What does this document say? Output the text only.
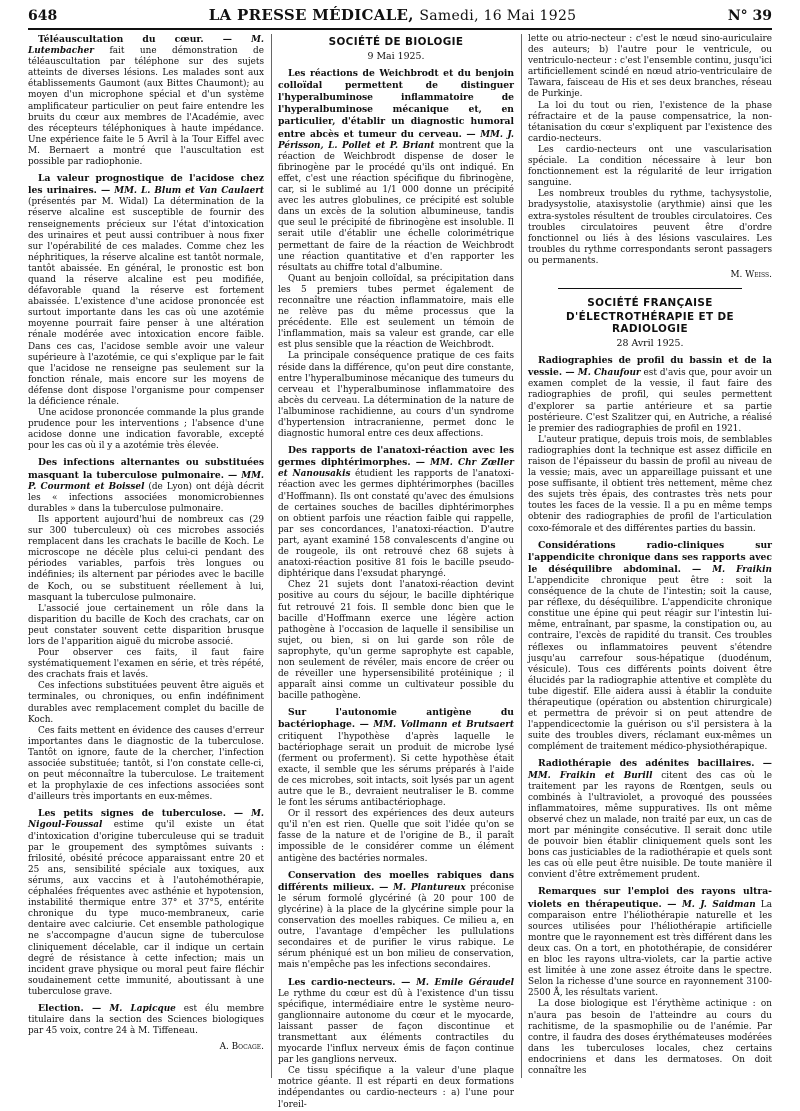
648	LA PRESSE MÉDICALE, Samedi, 16 Mai 1925	N° 39

Téléauscultation du cœur. — M. Lutembacher fait une démonstration de téléauscultation par téléphone sur des sujets atteints de diverses lésions. Les malades sont aux établissements Gaumont (aux Bittes Chaumont); au moyen d'un microphone spécial et d'un système amplificateur particulier on peut faire entendre les bruits du cœur aux membres de l'Académie, avec des récepteurs téléphoniques à haute impédance. Une expérience faite le 5 Avril à la Tour Eiffel avec M. Bernaert a montré que l'auscultation est possible par radiophonie.

La valeur prognostique de l'acidose chez les urinaires. — MM. L. Blum et Van Caulaert (présentés par M. Widal) La détermination de la réserve alcaline est susceptible de fournir des renseignements précieux sur l'état d'intoxication des urinaires et peut aussi contribuer à nous fixer sur l'opérabilité de ces malades. Comme chez les néphritiques, la réserve alcaline est tantôt normale, tantôt abaissée. En général, le pronostic est bon quand la réserve alcaline est peu modifiée, défavorable quand la réserve est fortement abaissée. L'existence d'une acidose prononcée est surtout importante dans les cas où une azotémie moyenne pourrait faire penser à une altération rénale modérée avec intoxication encore faible. Dans ces cas, l'acidose semble avoir une valeur supérieure à l'azotémie, ce qui s'explique par le fait que l'acidose ne renseigne pas seulement sur la fonction rénale, mais encore sur les moyens de défense dont dispose l'organisme pour compenser la déficience rénale.

Une acidose prononcée commande la plus grande prudence pour les interventions ; l'absence d'une acidose donne une indication favorable, excepté pour les cas où il y a azotémie très élevée.

Des infections alternantes ou substituées masquant la tuberculose pulmonaire. — MM. P. Courmont et Boissel (de Lyon) ont déjà décrit les « infections associées monomicrobiennes durables » dans la tuberculose pulmonaire.

Ils apportent aujourd'hui de nombreux cas (29 sur 300 tuberculeux) où ces microbes associés remplacent dans les crachats le bacille de Koch. Le microscope ne décèle plus celui-ci pendant des périodes variables, parfois très longues ou indéfinies; ils alternent par périodes avec le bacille de Koch, ou se substituent réellement à lui, masquant la tuberculose pulmonaire.

L'associé joue certainement un rôle dans la disparition du bacille de Koch des crachats, car on peut constater souvent cette disparition brusque lors de l'apparition aiguë du microbe associé.

Pour observer ces faits, il faut faire systématiquement l'examen en série, et très répété, des crachats frais et lavés.

Ces infections substituées peuvent être aiguës et terminales, ou chroniques, ou enfin indéfiniment durables avec remplacement complet du bacille de Koch.

Ces faits mettent en évidence des causes d'erreur importantes dans le diagnostic de la tuberculose. Tantôt on ignore, faute de la chercher, l'infection associée substituée; tantôt, si l'on constate celle-ci, on peut méconnaître la tuberculose. Le traitement et la prophylaxie de ces infections associées sont d'ailleurs très importants en eux-mêmes.

Les petits signes de tuberculose. — M. Nigoul-Foussal estime qu'il existe un état d'intoxication d'origine tuberculeuse qui se traduit par le groupement des symptômes suivants : frilosité, obésité précoce apparaissant entre 20 et 25 ans, sensibilité spéciale aux toxiques, aux sérums, aux vaccins et à l'autohémothérapie, céphalées fréquentes avec asthénie et hypotension, instabilité thermique entre 37° et 37°5, entérite chronique du type muco-membraneux, carie dentaire avec calciurie. Cet ensemble pathologique ne s'accompagne d'aucun signe de tuberculose cliniquement décelable, car il indique un certain degré de résistance à cette infection; mais un incident grave physique ou moral peut faire fléchir soudainement cette immunité, aboutissant à une tuberculose grave.

Election. — M. Lapicque est élu membre titulaire dans la section des Sciences biologiques par 45 voix, contre 24 à M. Tiffeneau.

A. Bocage.
SOCIÉTÉ DE BIOLOGIE
9 Mai 1925.

Les réactions de Weichbrodt et du benjoin colloïdal permettent de distinguer l'hyperalbuminose inflammatoire de l'hyperalbuminose mécanique et, en particulier, d'établir un diagnostic humoral entre abcès et tumeur du cerveau. — MM. J. Périsson, L. Pollet et P. Briant montrent que la réaction de Weichbrodt dispense de doser le fibrinogène par le procédé qu'ils ont indiqué. En effet, c'est une réaction spécifique du fibrinogène, car, si le sublimé au 1/1 000 donne un précipité avec les autres globulines, ce précipité est soluble dans un excès de la solution albumineuse, tandis que seul le précipité de fibrinogène est insoluble. Il serait utile d'établir une échelle colorimétrique permettant de faire de la réaction de Weichbrodt une réaction quantitative et d'en rapporter les résultats au chiffre total d'albumine.

Quant au benjoin colloïdal, sa précipitation dans les 5 premiers tubes permet également de reconnaître une réaction inflammatoire, mais elle ne relève pas du même processus que la précédente. Elle est seulement un témoin de l'inflammation, mais sa valeur est grande, car elle est plus sensible que la réaction de Weichbrodt.

La principale conséquence pratique de ces faits réside dans la différence, qu'on peut dire constante, entre l'hyperalbuminose mécanique des tumeurs du cerveau et l'hyperalbuminose inflammatoire des abcès du cerveau. La détermination de la nature de l'albuminose rachidienne, au cours d'un syndrome d'hypertension intracranienne, permet donc le diagnostic humoral entre ces deux affections.

Des rapports de l'anatoxi-réaction avec les germes diphtérimorphes. — MM. Chr Zœller et Nanousakis étudient les rapports de l'anatoxi-réaction avec les germes diphtérimorphes (bacilles d'Hoffmann). Ils ont constaté qu'avec des émulsions de certaines souches de bacilles diphtérimorphes on obtient parfois une réaction faible qui rappelle, par ses concordances, l'anatoxi-réaction. D'autre part, ayant examiné 158 convalescents d'angine ou de rougeole, ils ont retrouvé chez 68 sujets à anatoxi-réaction positive 81 fois le bacille pseudo-diphtérique dans l'exsudat pharyngé.

Chez 21 sujets dont l'anatoxi-réaction devint positive au cours du séjour, le bacille diphtérique fut retrouvé 21 fois. Il semble donc bien que le bacille d'Hoffmann exerce une légère action pathogène à l'occasion de laquelle il sensibilise un sujet, ou bien, si on lui garde son rôle de saprophyte, qu'un germe saprophyte est capable, non seulement de révéler, mais encore de créer ou de réveiller une hypersensibilité protéinique ; il apparaît ainsi comme un cultivateur possible du bacille pathogène.

Sur l'autonomie antigène du bactériophage. — MM. Vollmann et Brutsaert critiquent l'hypothèse d'après laquelle le bactériophage serait un produit de microbe lysé (ferment ou proferment). Si cette hypothèse était exacte, il semble que les sérums préparés à l'aide de ces microbes, soit intacts, soit lysés par un agent autre que le B., devraient neutraliser le B. comme le font les sérums antibactériophage.

Or il ressort des expériences des deux auteurs qu'il n'en est rien. Quelle que soit l'idée qu'on se fasse de la nature et de l'origine de B., il paraît impossible de le considérer comme un élément antigène des bactéries normales.

Conservation des moelles rabiques dans différents milieux. — M. Plantureux préconise le sérum formolé glycériné (à 20 pour 100 de glycérine) à la place de la glycérine simple pour la conservation des moelles rabiques. Ce milieu a, en outre, l'avantage d'empêcher les pullulations secondaires et de purifier le virus rabique. Le sérum phéniqué est un bon milieu de conservation, mais n'empêche pas les infections secondaires.

Les cardio-necteurs. — M. Emile Géraudel Le rythme du cœur est dû à l'existence d'un tissu spécifique, intermédiaire entre le système neuro-ganglionnaire autonome du cœur et le myocarde, laissant passer de façon discontinue et transmettant aux éléments contractiles du myocarde l'influx nerveux émis de façon continue par les ganglions nerveux.

Ce tissu spécifique a la valeur d'une plaque motrice géante. Il est réparti en deux formations indépendantes ou cardio-necteurs : a) l'une pour l'oreil-

lette ou atrio-necteur : c'est le nœud sino-auriculaire des auteurs; b) l'autre pour le ventricule, ou ventriculo-necteur : c'est l'ensemble continu, jusqu'ici artificiellement scindé en nœud atrio-ventriculaire de Tawara, faisceau de His et ses deux branches, réseau de Purkinje.

La loi du tout ou rien, l'existence de la phase réfractaire et de la pause compensatrice, la non-tétanisation du cœur s'expliquent par l'existence des cardio-necteurs.

Les cardio-necteurs ont une vascularisation spéciale. La condition nécessaire à leur bon fonctionnement est la régularité de leur irrigation sanguine.

Les nombreux troubles du rythme, tachysystolie, bradysystolie, ataxisystolie (arythmie) ainsi que les extra-systoles résultent de troubles circulatoires. Ces troubles circulatoires peuvent être d'ordre fonctionnel ou liés à des lésions vasculaires. Les troubles du rythme correspondants seront passagers ou permanents.

M. Weiss.
SOCIÉTÉ FRANÇAISE
D'ÉLECTROTHÉRAPIE ET DE RADIOLOGIE
28 Avril 1925.

Radiographies de profil du bassin et de la vessie. — M. Chaufour est d'avis que, pour avoir un examen complet de la vessie, il faut faire des radiographies de profil, qui seules permettent d'explorer sa partie antérieure et sa partie postérieure. C'est Szalitzer qui, en Autriche, a réalisé le premier des radiographies de profil en 1921.

L'auteur pratique, depuis trois mois, de semblables radiographies dont la technique est assez difficile en raison de l'épaisseur du bassin de profil au niveau de la vessie; mais, avec un appareillage puissant et une pose suffisante, il obtient très nettement, même chez des sujets très épais, des contrastes très nets pour toutes les faces de la vessie. Il a pu en même temps obtenir des radiographies de profil de l'articulation coxo-fémorale et des différentes parties du bassin.

Considérations radio-cliniques sur l'appendicite chronique dans ses rapports avec le déséquilibre abdominal. — M. Fraikin L'appendicite chronique peut être : soit la conséquence de la chute de l'intestin; soit la cause, par réflexe, du déséquilibre. L'appendicite chronique constitue une épine qui peut réagir sur l'intestin lui-même, entraînant, par spasme, la constipation ou, au contraire, l'excès de rapidité du transit. Ces troubles réflexes ou inflammatoires peuvent s'étendre jusqu'au carrefour sous-hépatique (duodénum, vésicule). Tous ces différents points doivent être élucidés par la radiographie attentive et complète du tube digestif. Elle aidera aussi à établir la conduite thérapeutique (opération ou abstention chirurgicale) et permettra de prévoir si on peut attendre de l'appendicectomie la guérison ou s'il persistera à la suite des troubles divers, réclamant eux-mêmes un complément de traitement médico-physiothérapique.

Radiothérapie des adénites bacillaires. — MM. Fraikin et Burill citent des cas où le traitement par les rayons de Rœntgen, seuls ou combinés à l'ultraviolet, a provoqué des poussées inflammatoires, même suppuratives. Ils ont même observé chez un malade, non traité par eux, un cas de mort par méningite consécutive. Il serait donc utile de pouvoir bien établir cliniquement quels sont les bons cas justiciables de la radiothérapie et quels sont les cas où elle peut être nuisible. De toute manière il convient d'être extrêmement prudent.

Remarques sur l'emploi des rayons ultra-violets en thérapeutique. — M. J. Saidman La comparaison entre l'héliothérapie naturelle et les sources utilisées pour l'héliothérapie artificielle montre que le rayonnement est très différent dans les deux cas. On a tort, en photothérapie, de considérer en bloc les rayons ultra-violets, car la partie active est limitée à une zone assez étroite dans le spectre. Selon la richesse d'une source en rayonnement 3100-2500 Å, les résultats varient.

La dose biologique est l'érythème actinique : on n'aura pas besoin de l'atteindre au cours du rachitisme, de la spasmophilie ou de l'anémie. Par contre, il faudra des doses érythémateuses modérées dans les tuberculoses locales, chez certains endocriniens et dans les dermatoses. On doit connaître les
